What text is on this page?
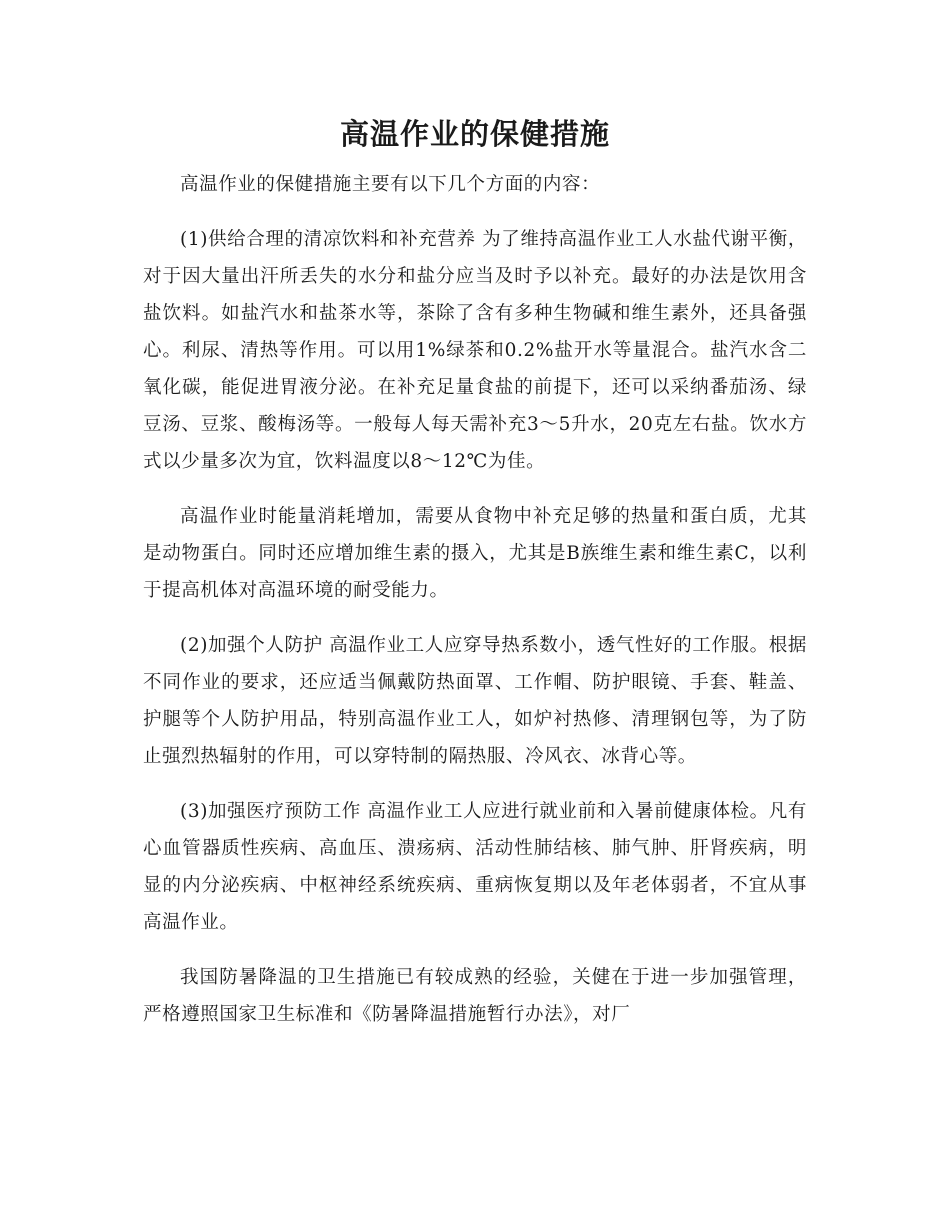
高温作业的保健措施

高温作业的保健措施主要有以下几个方面的内容：

(1)供给合理的清凉饮料和补充营养 为了维持高温作业工人水盐代谢平衡，对于因大量出汗所丢失的水分和盐分应当及时予以补充。最好的办法是饮用含盐饮料。如盐汽水和盐茶水等，茶除了含有多种生物碱和维生素外，还具备强心。利尿、清热等作用。可以用1%绿茶和0.2%盐开水等量混合。盐汽水含二氧化碳，能促进胃液分泌。在补充足量食盐的前提下，还可以采纳番茄汤、绿豆汤、豆浆、酸梅汤等。一般每人每天需补充3～5升水，20克左右盐。饮水方式以少量多次为宜，饮料温度以8～12℃为佳。

高温作业时能量消耗增加，需要从食物中补充足够的热量和蛋白质，尤其是动物蛋白。同时还应增加维生素的摄入，尤其是B族维生素和维生素C，以利于提高机体对高温环境的耐受能力。

(2)加强个人防护 高温作业工人应穿导热系数小，透气性好的工作服。根据不同作业的要求，还应适当佩戴防热面罩、工作帽、防护眼镜、手套、鞋盖、护腿等个人防护用品，特别高温作业工人，如炉衬热修、清理钢包等，为了防止强烈热辐射的作用，可以穿特制的隔热服、冷风衣、冰背心等。

(3)加强医疗预防工作 高温作业工人应进行就业前和入暑前健康体检。凡有心血管器质性疾病、高血压、溃疡病、活动性肺结核、肺气肿、肝肾疾病，明显的内分泌疾病、中枢神经系统疾病、重病恢复期以及年老体弱者，不宜从事高温作业。

我国防暑降温的卫生措施已有较成熟的经验，关健在于进一步加强管理，严格遵照国家卫生标准和《防暑降温措施暂行办法》，对厂
